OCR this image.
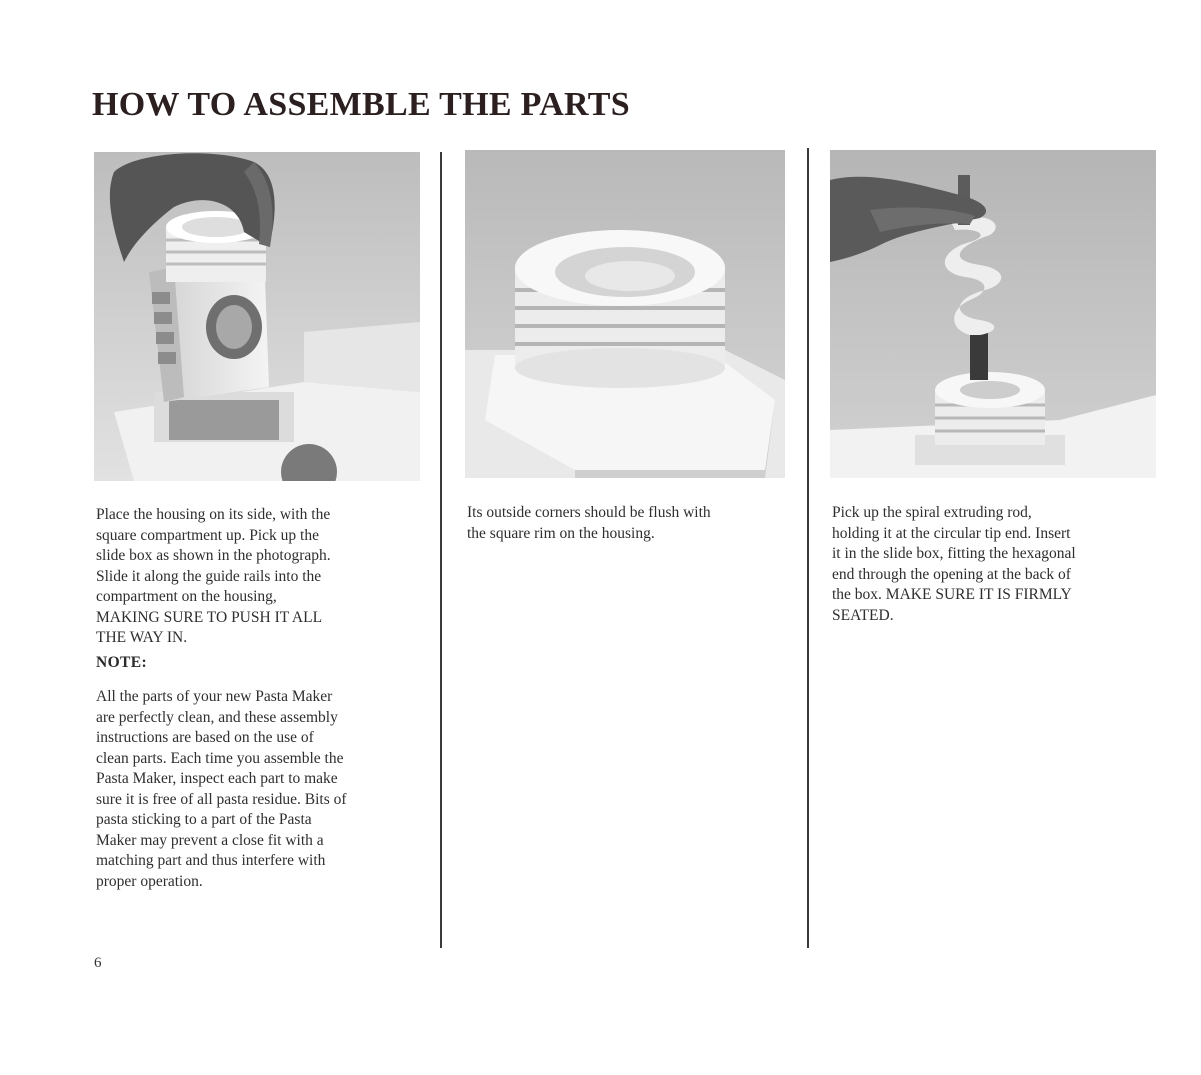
HOW TO ASSEMBLE THE PARTS

Place the housing on its side, with the
square compartment up. Pick up the
slide box as shown in the photograph.
Slide it along the guide rails into the
compartment on the housing,
MAKING SURE TO PUSH IT ALL
THE WAY IN.

NOTE:

All the parts of your new Pasta Maker
are perfectly clean, and these assembly
instructions are based on the use of
clean parts. Each time you assemble the
Pasta Maker, inspect each part to make
sure it is free of all pasta residue. Bits of
pasta sticking to a part of the Pasta
Maker may prevent a close fit with a
matching part and thus interfere with
proper operation.

Its outside corners should be flush with
the square rim on the housing.

Pick up the spiral extruding rod,
holding it at the circular tip end. Insert
it in the slide box, fitting the hexagonal
end through the opening at the back of
the box. MAKE SURE IT IS FIRMLY
SEATED.

6
